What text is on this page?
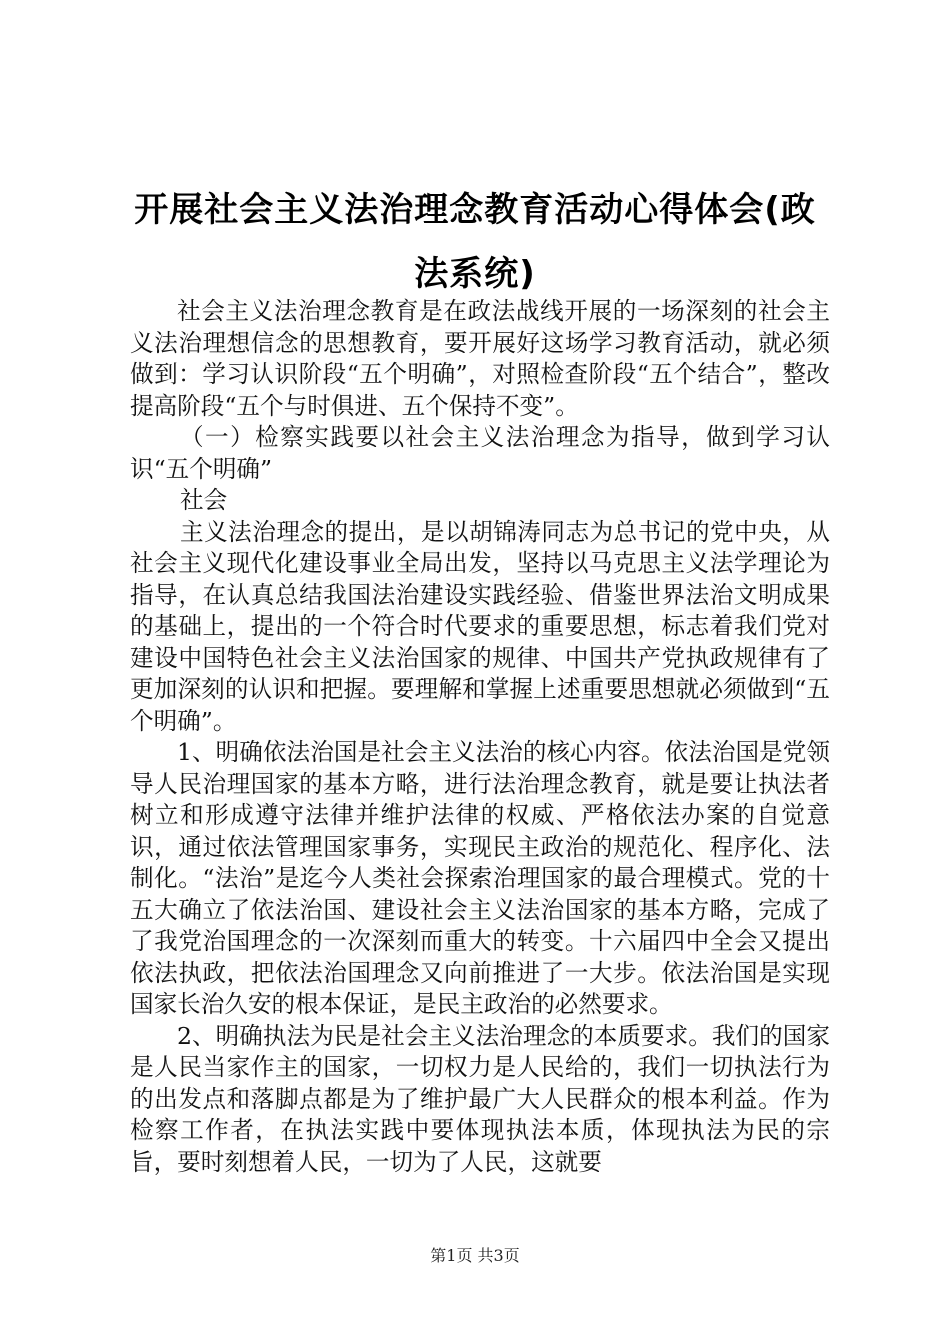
开展社会主义法治理念教育活动心得体会(政法系统)

社会主义法治理念教育是在政法战线开展的一场深刻的社会主义法治理想信念的思想教育，要开展好这场学习教育活动，就必须做到：学习认识阶段“五个明确”，对照检查阶段“五个结合”，整改提高阶段“五个与时俱进、五个保持不变”。

（一）检察实践要以社会主义法治理念为指导，做到学习认识“五个明确”

社会

主义法治理念的提出，是以胡锦涛同志为总书记的党中央，从社会主义现代化建设事业全局出发，坚持以马克思主义法学理论为指导，在认真总结我国法治建设实践经验、借鉴世界法治文明成果的基础上，提出的一个符合时代要求的重要思想，标志着我们党对建设中国特色社会主义法治国家的规律、中国共产党执政规律有了更加深刻的认识和把握。要理解和掌握上述重要思想就必须做到“五个明确”。

1、明确依法治国是社会主义法治的核心内容。依法治国是党领导人民治理国家的基本方略，进行法治理念教育，就是要让执法者树立和形成遵守法律并维护法律的权威、严格依法办案的自觉意识，通过依法管理国家事务，实现民主政治的规范化、程序化、法制化。“法治”是迄今人类社会探索治理国家的最合理模式。党的十五大确立了依法治国、建设社会主义法治国家的基本方略，完成了了我党治国理念的一次深刻而重大的转变。十六届四中全会又提出依法执政，把依法治国理念又向前推进了一大步。依法治国是实现国家长治久安的根本保证，是民主政治的必然要求。

2、明确执法为民是社会主义法治理念的本质要求。我们的国家是人民当家作主的国家，一切权力是人民给的，我们一切执法行为的出发点和落脚点都是为了维护最广大人民群众的根本利益。作为检察工作者，在执法实践中要体现执法本质，体现执法为民的宗旨，要时刻想着人民，一切为了人民，这就要

第1页 共3页
